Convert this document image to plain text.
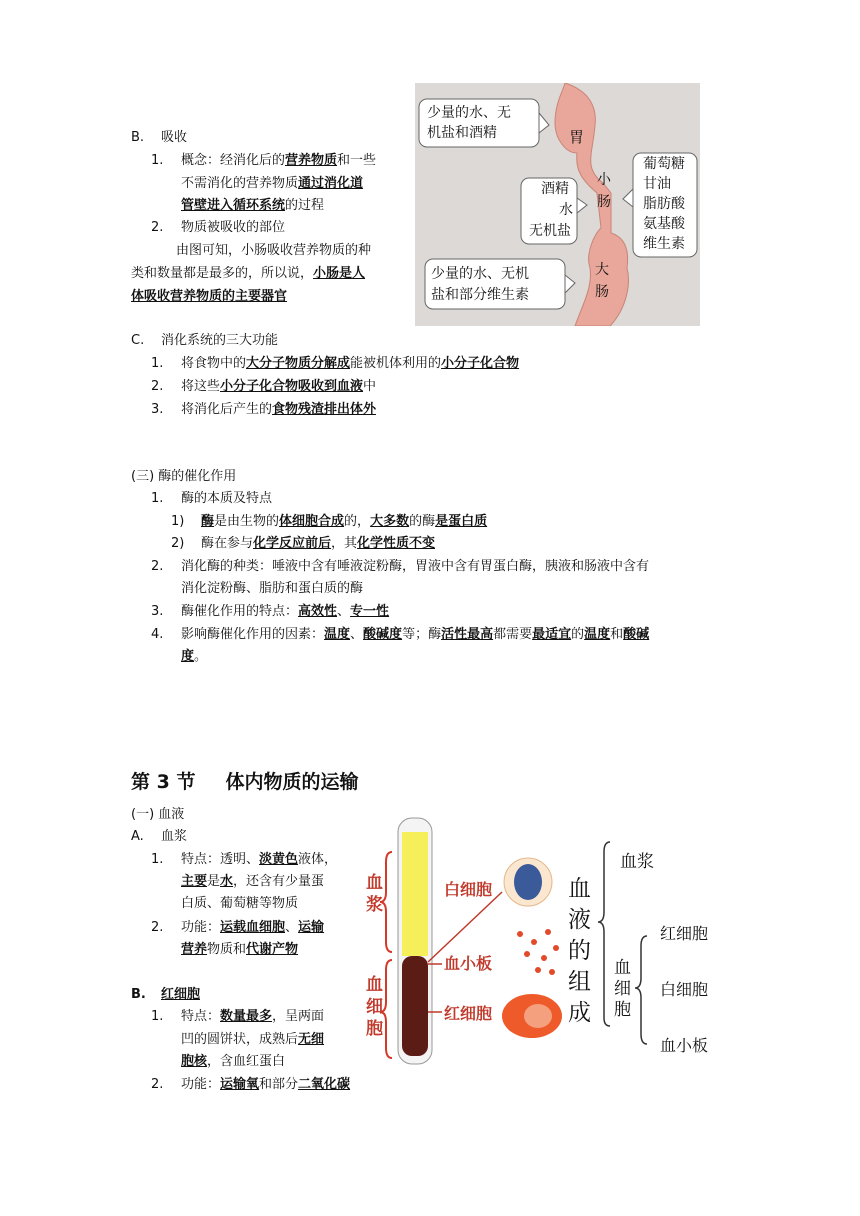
B. 吸收
1. 概念：经消化后的营养物质和一些
不需消化的营养物质通过消化道
管壁进入循环系统的过程
2. 物质被吸收的部位
由图可知，小肠吸收营养物质的种
类和数量都是最多的，所以说，小肠是人
体吸收营养物质的主要器官
少量的水、无
机盐和酒精	胃
小肠
酒精
水
无机盐
葡萄糖
甘油
脂肪酸
氨基酸
维生素
少量的水、无机
盐和部分维生素
大肠
C. 消化系统的三大功能
1. 将食物中的大分子物质分解成能被机体利用的小分子化合物
2. 将这些小分子化合物吸收到血液中
3. 将消化后产生的食物残渣排出体外
(三) 酶的催化作用
1. 酶的本质及特点
1) 酶是由生物的体细胞合成的，大多数的酶是蛋白质
2) 酶在参与化学反应前后，其化学性质不变
2. 消化酶的种类：唾液中含有唾液淀粉酶，胃液中含有胃蛋白酶，胰液和肠液中含有
消化淀粉酶、脂肪和蛋白质的酶
3. 酶催化作用的特点：高效性、专一性
4. 影响酶催化作用的因素：温度、酸碱度等；酶活性最高都需要最适宜的温度和酸碱
度。
第 3 节 体内物质的运输
(一) 血液
A. 血浆
1. 特点：透明、淡黄色液体，
主要是水，还含有少量蛋
白质、葡萄糖等物质
2. 功能：运载血细胞、运输
营养物质和代谢产物
B. 红细胞
1. 特点：数量最多，呈两面
凹的圆饼状，成熟后无细
胞核，含血红蛋白
2. 功能：运输氧和部分二氧化碳
血浆
血细胞
白细胞
血小板
红细胞
血液的组成
血浆
血细胞
红细胞
白细胞
血小板
